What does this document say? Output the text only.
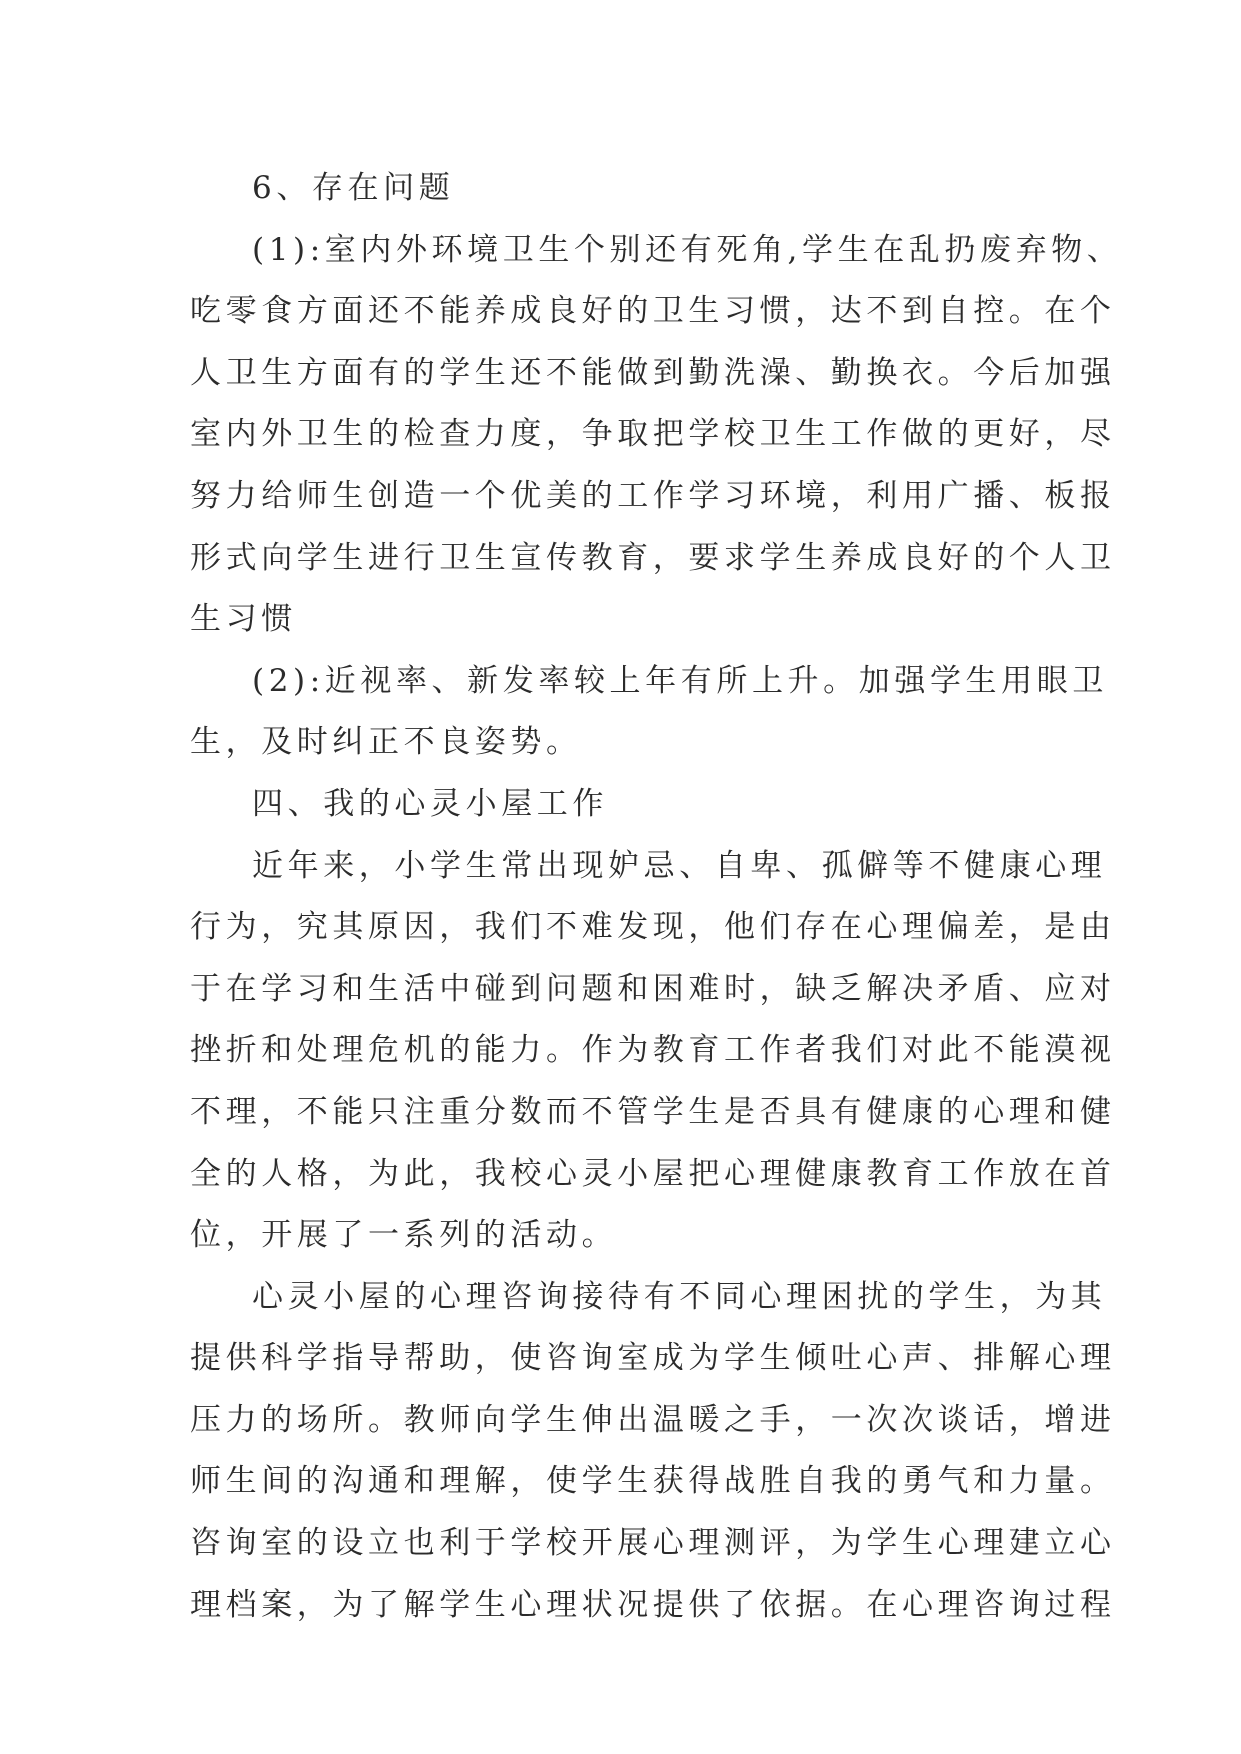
6、存在问题
(1):室内外环境卫生个别还有死角,学生在乱扔废弃物、
吃零食方面还不能养成良好的卫生习惯，达不到自控。在个
人卫生方面有的学生还不能做到勤洗澡、勤换衣。今后加强
室内外卫生的检查力度，争取把学校卫生工作做的更好，尽
努力给师生创造一个优美的工作学习环境，利用广播、板报
形式向学生进行卫生宣传教育，要求学生养成良好的个人卫
生习惯
(2):近视率、新发率较上年有所上升。加强学生用眼卫
生，及时纠正不良姿势。
四、我的心灵小屋工作
近年来，小学生常出现妒忌、自卑、孤僻等不健康心理
行为，究其原因，我们不难发现，他们存在心理偏差，是由
于在学习和生活中碰到问题和困难时，缺乏解决矛盾、应对
挫折和处理危机的能力。作为教育工作者我们对此不能漠视
不理，不能只注重分数而不管学生是否具有健康的心理和健
全的人格，为此，我校心灵小屋把心理健康教育工作放在首
位，开展了一系列的活动。
心灵小屋的心理咨询接待有不同心理困扰的学生，为其
提供科学指导帮助，使咨询室成为学生倾吐心声、排解心理
压力的场所。教师向学生伸出温暖之手，一次次谈话，增进
师生间的沟通和理解，使学生获得战胜自我的勇气和力量。
咨询室的设立也利于学校开展心理测评，为学生心理建立心
理档案，为了解学生心理状况提供了依据。在心理咨询过程
